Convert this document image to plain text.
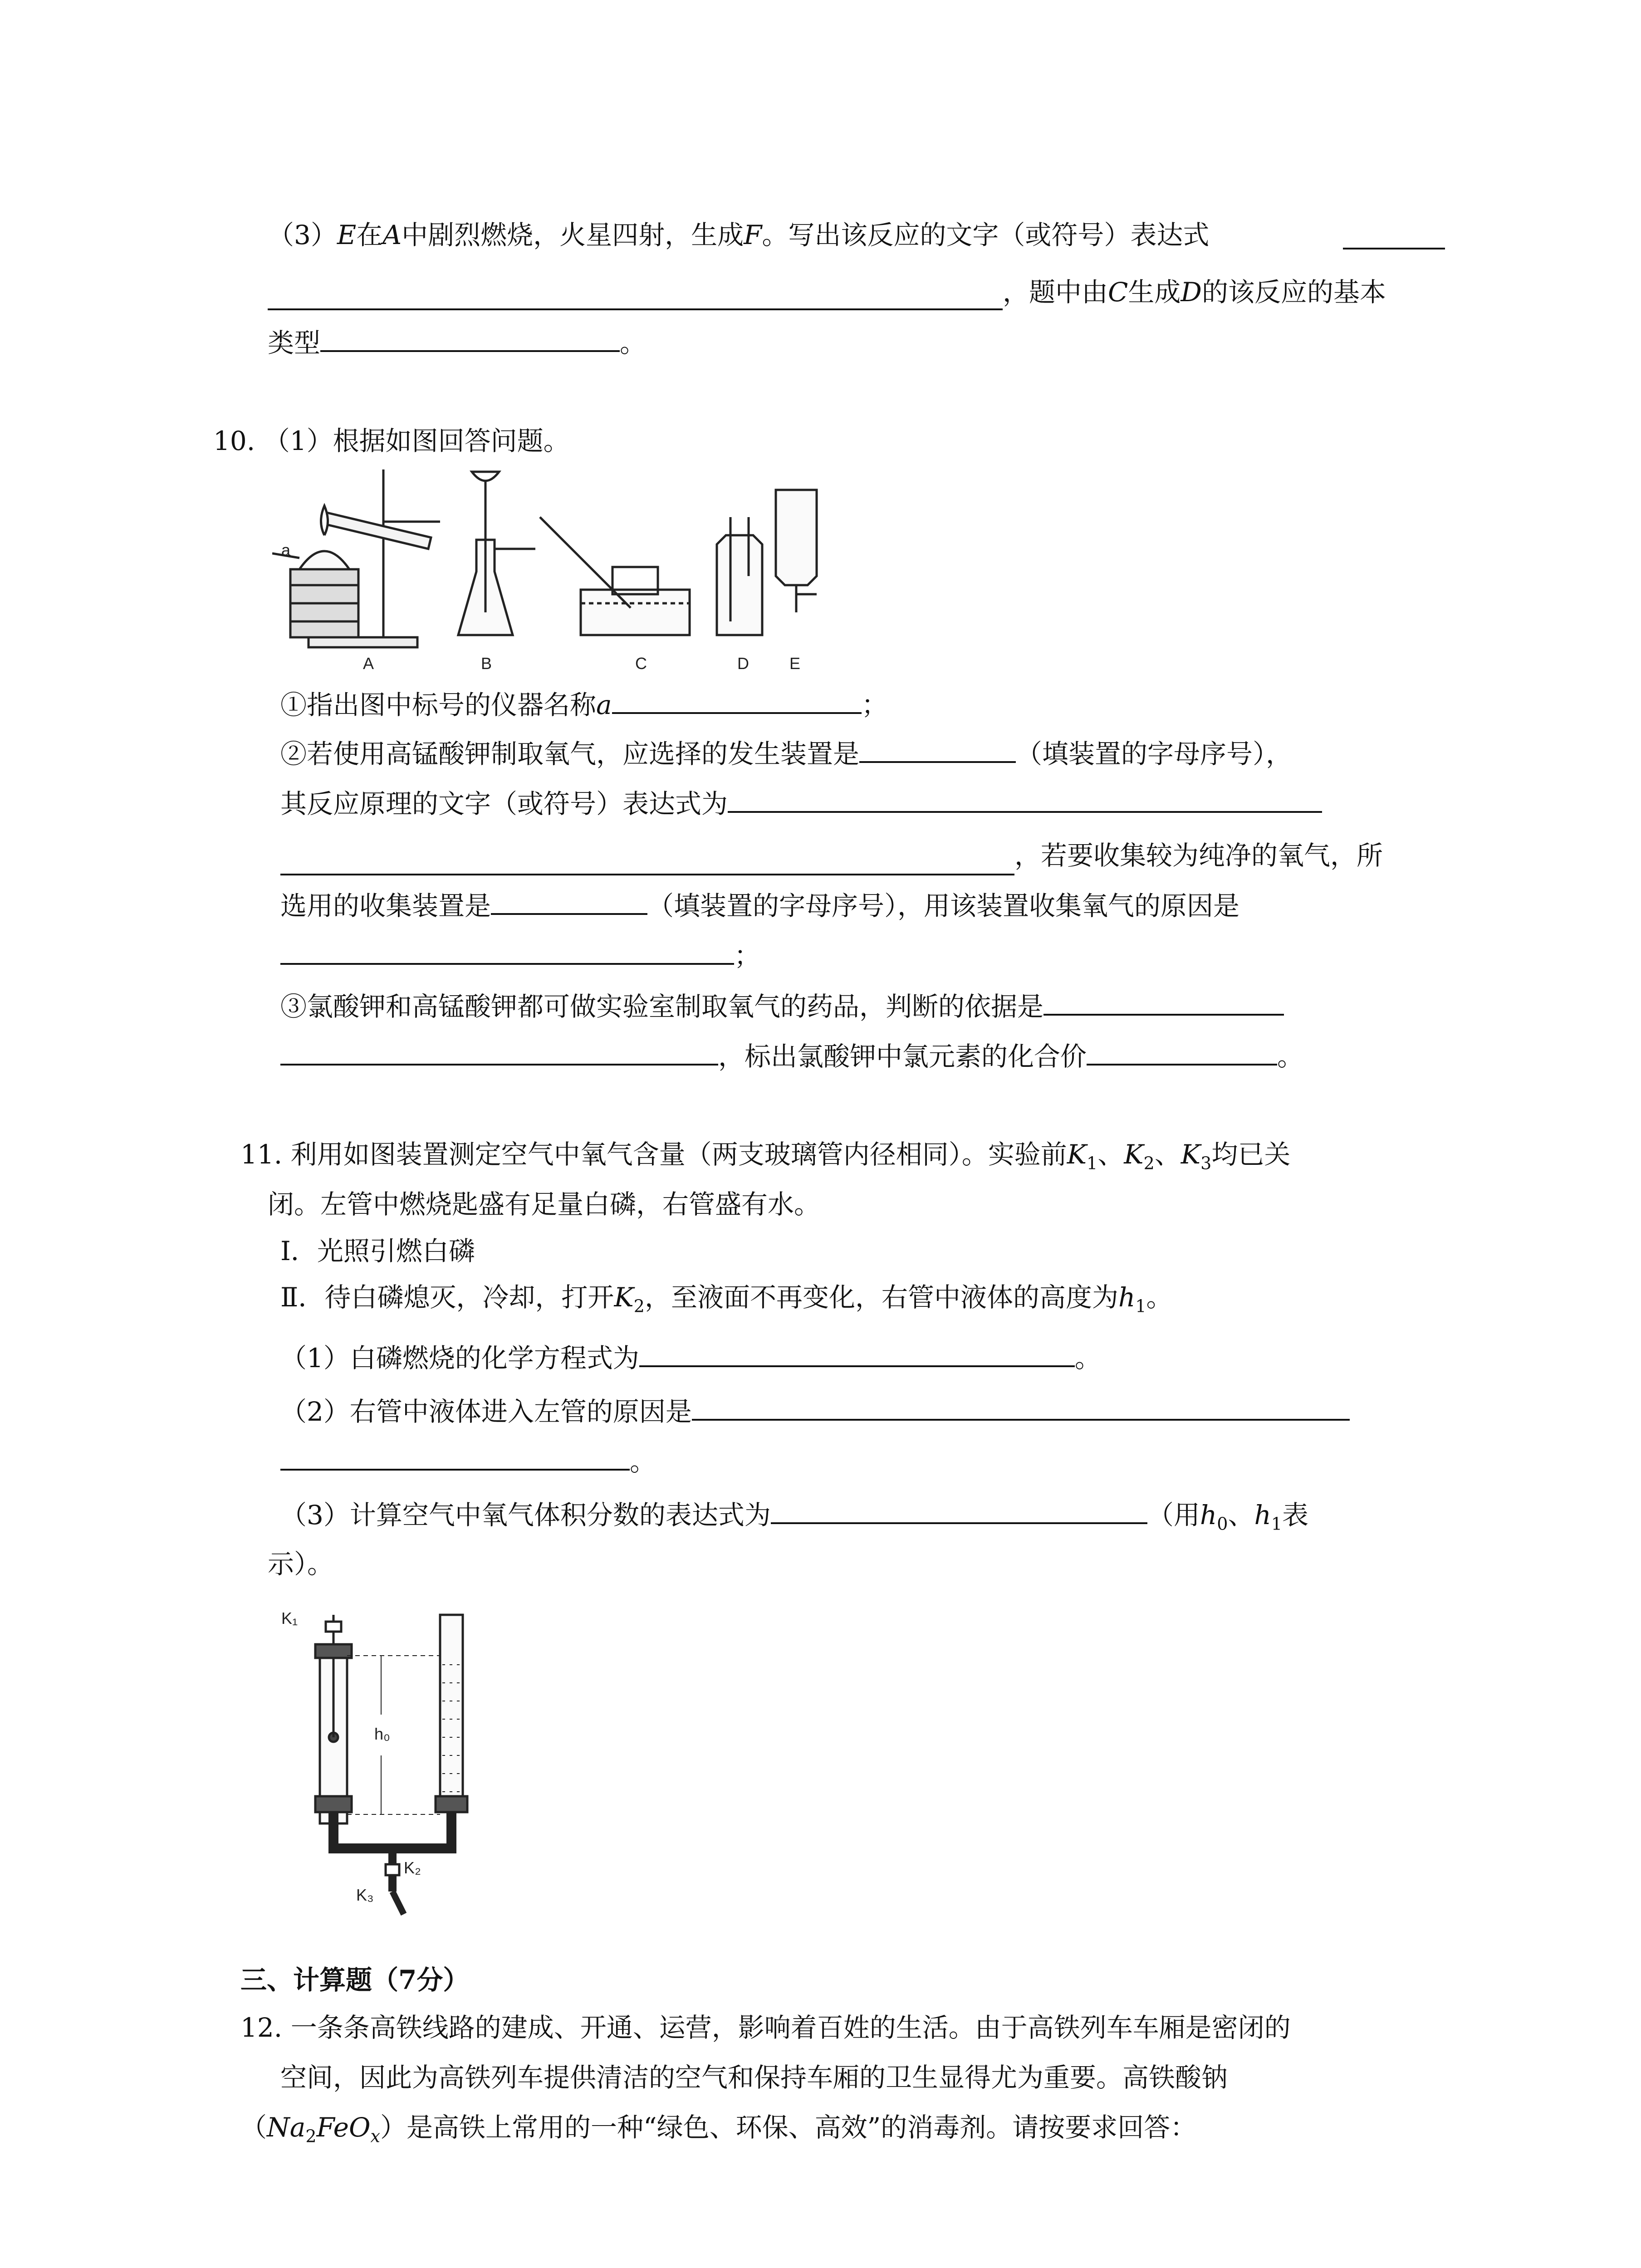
（3）E在A中剧烈燃烧，火星四射，生成F。写出该反应的文字（或符号）表达式
，题中由C生成D的该反应的基本
类型	。
10. （1）根据如图回答问题。
a
A	B	C	D E
①指出图中标号的仪器名称a	；
②若使用高锰酸钾制取氧气，应选择的发生装置是	（填装置的字母序号），
其反应原理的文字（或符号）表达式为
，若要收集较为纯净的氧气，所
选用的收集装置是	（填装置的字母序号），用该装置收集氧气的原因是
；
③氯酸钾和高锰酸钾都可做实验室制取氧气的药品，判断的依据是
，标出氯酸钾中氯元素的化合价	。
11. 利用如图装置测定空气中氧气含量（两支玻璃管内径相同）。实验前$K_1$、$K_2$、$K_3$均已关
闭。左管中燃烧匙盛有足量白磷，右管盛有水。
Ⅰ．光照引燃白磷
Ⅱ．待白磷熄灭，冷却，打开$K_2$，至液面不再变化，右管中液体的高度为$h_1$。
（1）白磷燃烧的化学方程式为	。
（2）右管中液体进入左管的原因是
。
（3）计算空气中氧气体积分数的表达式为	（用$h_0$、$h_1$表
示）。
K₁
h₀
K₂
K₃
三、计算题（7分）
12. 一条条高铁线路的建成、开通、运营，影响着百姓的生活。由于高铁列车车厢是密闭的
空间，因此为高铁列车提供清洁的空气和保持车厢的卫生显得尤为重要。高铁酸钠
$(Na_2FeO_x)$是高铁上常用的一种“绿色、环保、高效”的消毒剂。请按要求回答：
